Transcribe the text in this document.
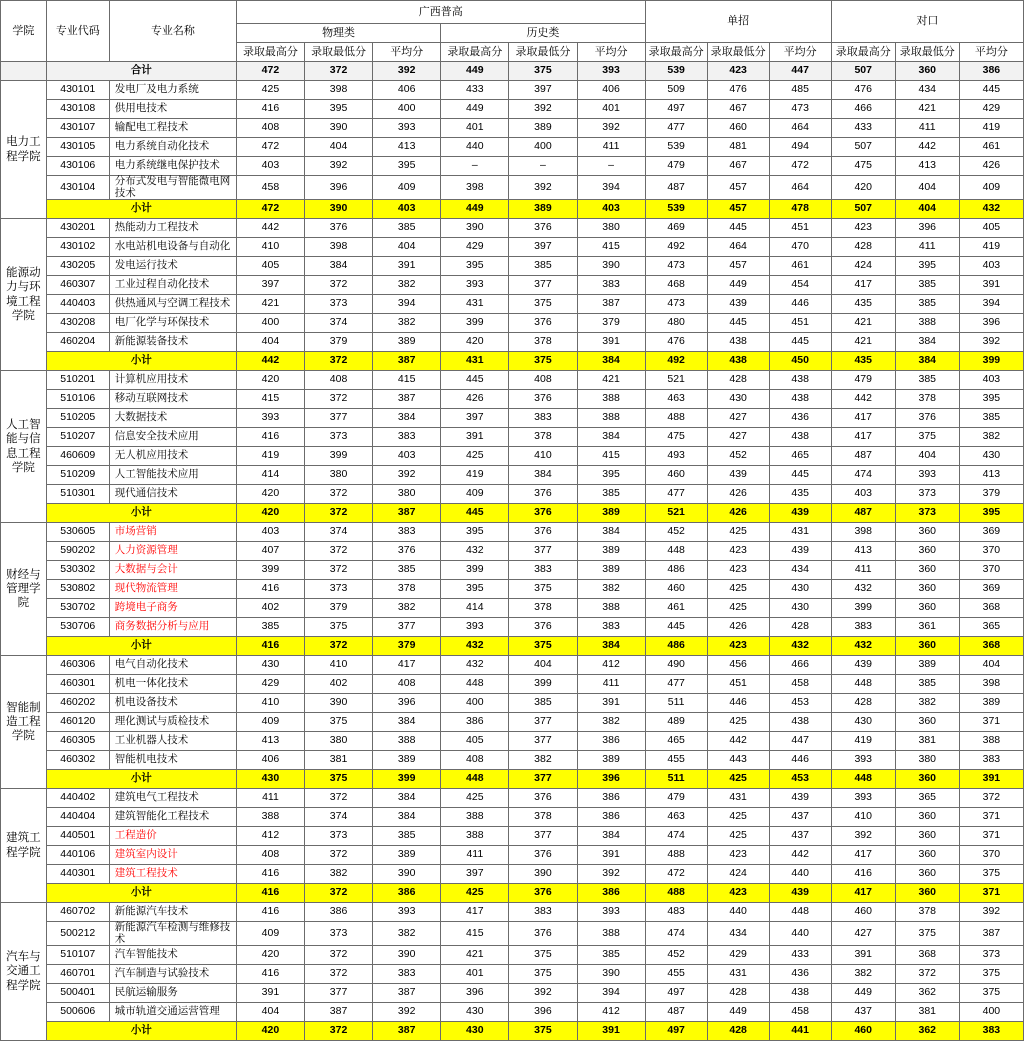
学院	专业代码	专业名称	广西普高						单招			对口		
			物理类			历史类								
			录取最高分	录取最低分	平均分	录取最高分	录取最低分	平均分	录取最高分	录取最低分	平均分	录取最高分	录取最低分	平均分
	合计		472	372	392	449	375	393	539	423	447	507	360	386
电力工程学院	430101	发电厂及电力系统	425	398	406	433	397	406	509	476	485	476	434	445
	430108	供用电技术	416	395	400	449	392	401	497	467	473	466	421	429
	430107	输配电工程技术	408	390	393	401	389	392	477	460	464	433	411	419
	430105	电力系统自动化技术	472	404	413	440	400	411	539	481	494	507	442	461
	430106	电力系统继电保护技术	403	392	395	–	–	–	479	467	472	475	413	426
	430104	分布式发电与智能微电网技术	458	396	409	398	392	394	487	457	464	420	404	409
	小计		472	390	403	449	389	403	539	457	478	507	404	432
能源动力与环境工程学院	430201	热能动力工程技术	442	376	385	390	376	380	469	445	451	423	396	405
	430102	水电站机电设备与自动化	410	398	404	429	397	415	492	464	470	428	411	419
	430205	发电运行技术	405	384	391	395	385	390	473	457	461	424	395	403
	460307	工业过程自动化技术	397	372	382	393	377	383	468	449	454	417	385	391
	440403	供热通风与空调工程技术	421	373	394	431	375	387	473	439	446	435	385	394
	430208	电厂化学与环保技术	400	374	382	399	376	379	480	445	451	421	388	396
	460204	新能源装备技术	404	379	389	420	378	391	476	438	445	421	384	392
	小计		442	372	387	431	375	384	492	438	450	435	384	399
人工智能与信息工程学院	510201	计算机应用技术	420	408	415	445	408	421	521	428	438	479	385	403
	510106	移动互联网技术	415	372	387	426	376	388	463	430	438	442	378	395
	510205	大数据技术	393	377	384	397	383	388	488	427	436	417	376	385
	510207	信息安全技术应用	416	373	383	391	378	384	475	427	438	417	375	382
	460609	无人机应用技术	419	399	403	425	410	415	493	452	465	487	404	430
	510209	人工智能技术应用	414	380	392	419	384	395	460	439	445	474	393	413
	510301	现代通信技术	420	372	380	409	376	385	477	426	435	403	373	379
	小计		420	372	387	445	376	389	521	426	439	487	373	395
财经与管理学院	530605	市场营销	403	374	383	395	376	384	452	425	431	398	360	369
	590202	人力资源管理	407	372	376	432	377	389	448	423	439	413	360	370
	530302	大数据与会计	399	372	385	399	383	389	486	423	434	411	360	370
	530802	现代物流管理	416	373	378	395	375	382	460	425	430	432	360	369
	530702	跨境电子商务	402	379	382	414	378	388	461	425	430	399	360	368
	530706	商务数据分析与应用	385	375	377	393	376	383	445	426	428	383	361	365
	小计		416	372	379	432	375	384	486	423	432	432	360	368
智能制造工程学院	460306	电气自动化技术	430	410	417	432	404	412	490	456	466	439	389	404
	460301	机电一体化技术	429	402	408	448	399	411	477	451	458	448	385	398
	460202	机电设备技术	410	390	396	400	385	391	511	446	453	428	382	389
	460120	理化测试与质检技术	409	375	384	386	377	382	489	425	438	430	360	371
	460305	工业机器人技术	413	380	388	405	377	386	465	442	447	419	381	388
	460302	智能机电技术	406	381	389	408	382	389	455	443	446	393	380	383
	小计		430	375	399	448	377	396	511	425	453	448	360	391
建筑工程学院	440402	建筑电气工程技术	411	372	384	425	376	386	479	431	439	393	365	372
	440404	建筑智能化工程技术	388	374	384	388	378	386	463	425	437	410	360	371
	440501	工程造价	412	373	385	388	377	384	474	425	437	392	360	371
	440106	建筑室内设计	408	372	389	411	376	391	488	423	442	417	360	370
	440301	建筑工程技术	416	382	390	397	390	392	472	424	440	416	360	375
	小计		416	372	386	425	376	386	488	423	439	417	360	371
汽车与交通工程学院	460702	新能源汽车技术	416	386	393	417	383	393	483	440	448	460	378	392
	500212	新能源汽车检测与维修技术	409	373	382	415	376	388	474	434	440	427	375	387
	510107	汽车智能技术	420	372	390	421	375	385	452	429	433	391	368	373
	460701	汽车制造与试验技术	416	372	383	401	375	390	455	431	436	382	372	375
	500401	民航运输服务	391	377	387	396	392	394	497	428	438	449	362	375
	500606	城市轨道交通运营管理	404	387	392	430	396	412	487	449	458	437	381	400
	小计		420	372	387	430	375	391	497	428	441	460	362	383
